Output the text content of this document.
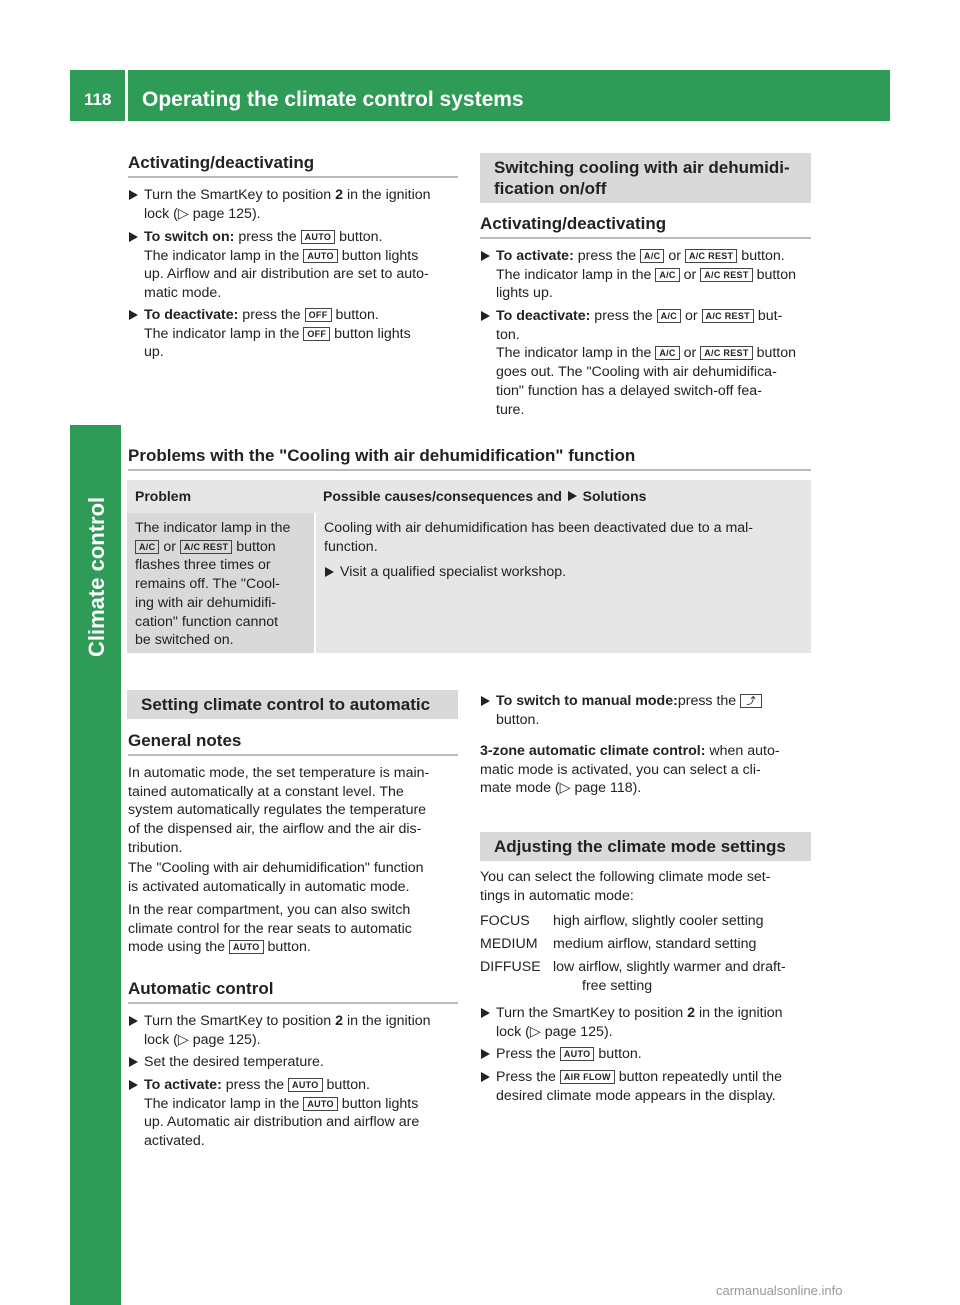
118 Operating the climate control systems
Climate control
Activating/deactivating
Turn the SmartKey to position 2 in the ignition
lock (▷ page 125).
To switch on: press the AUTO button.
The indicator lamp in the AUTO button lights
up. Airflow and air distribution are set to auto-
matic mode.
To deactivate: press the OFF button.
The indicator lamp in the OFF button lights
up.
Switching cooling with air dehumidi-
fication on/off
Activating/deactivating
To activate: press the A/C or A/C REST button.
The indicator lamp in the A/C or A/C REST button
lights up.
To deactivate: press the A/C or A/C REST but-
ton.
The indicator lamp in the A/C or A/C REST button
goes out. The "Cooling with air dehumidifica-
tion" function has a delayed switch-off fea-
ture.
Problems with the "Cooling with air dehumidification" function
Problem	Possible causes/consequences and Solutions
The indicator lamp in the
A/C or A/C REST button
flashes three times or
remains off. The "Cool-
ing with air dehumidifi-
cation" function cannot
be switched on.
Cooling with air dehumidification has been deactivated due to a mal-
function.
Visit a qualified specialist workshop.
Setting climate control to automatic
General notes
In automatic mode, the set temperature is main-
tained automatically at a constant level. The
system automatically regulates the temperature
of the dispensed air, the airflow and the air dis-
tribution.
The "Cooling with air dehumidification" function
is activated automatically in automatic mode.
In the rear compartment, you can also switch
climate control for the rear seats to automatic
mode using the AUTO button.
Automatic control
Turn the SmartKey to position 2 in the ignition
lock (▷ page 125).
Set the desired temperature.
To activate: press the AUTO button.
The indicator lamp in the AUTO button lights
up. Automatic air distribution and airflow are
activated.
To switch to manual mode:press the ⤴
button.
3-zone automatic climate control: when auto-
matic mode is activated, you can select a cli-
mate mode (▷ page 118).
Adjusting the climate mode settings
You can select the following climate mode set-
tings in automatic mode:
FOCUS high airflow, slightly cooler setting
MEDIUM medium airflow, standard setting
DIFFUSE low airflow, slightly warmer and draft-
free setting
Turn the SmartKey to position 2 in the ignition
lock (▷ page 125).
Press the AUTO button.
Press the AIR FLOW button repeatedly until the
desired climate mode appears in the display.
carmanualsonline.info
